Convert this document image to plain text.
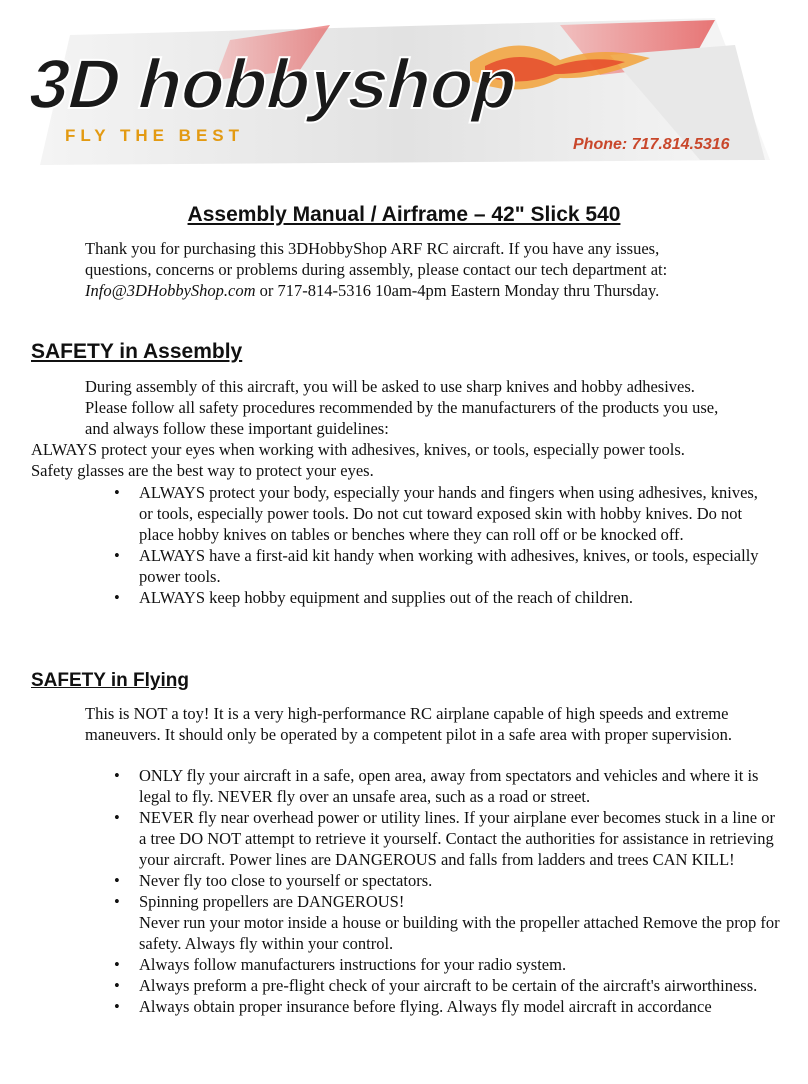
3D hobbyshop
FLY THE BEST	Phone: 717.814.5316
Assembly Manual / Airframe – 42" Slick 540
Thank you for purchasing this 3DHobbyShop ARF RC aircraft. If you have any issues,
questions, concerns or problems during assembly, please contact our tech department at:
Info@3DHobbyShop.com or 717-814-5316 10am-4pm Eastern Monday thru Thursday.
SAFETY in Assembly
During assembly of this aircraft, you will be asked to use sharp knives and hobby adhesives.
Please follow all safety procedures recommended by the manufacturers of the products you use,
and always follow these important guidelines:
ALWAYS protect your eyes when working with adhesives, knives, or tools, especially power tools.
Safety glasses are the best way to protect your eyes.
• ALWAYS protect your body, especially your hands and fingers when using adhesives, knives, or tools, especially power tools. Do not cut toward exposed skin with hobby knives. Do not place hobby knives on tables or benches where they can roll off or be knocked off.
• ALWAYS have a first-aid kit handy when working with adhesives, knives, or tools, especially power tools.
• ALWAYS keep hobby equipment and supplies out of the reach of children.
SAFETY in Flying
This is NOT a toy! It is a very high-performance RC airplane capable of high speeds and extreme maneuvers. It should only be operated by a competent pilot in a safe area with proper supervision.
• ONLY fly your aircraft in a safe, open area, away from spectators and vehicles and where it is legal to fly. NEVER fly over an unsafe area, such as a road or street.
• NEVER fly near overhead power or utility lines. If your airplane ever becomes stuck in a line or a tree DO NOT attempt to retrieve it yourself. Contact the authorities for assistance in retrieving your aircraft. Power lines are DANGEROUS and falls from ladders and trees CAN KILL!
• Never fly too close to yourself or spectators.
• Spinning propellers are DANGEROUS!
Never run your motor inside a house or building with the propeller attached Remove the prop for safety. Always fly within your control.
• Always follow manufacturers instructions for your radio system.
• Always preform a pre-flight check of your aircraft to be certain of the aircraft's airworthiness.
• Always obtain proper insurance before flying. Always fly model aircraft in accordance
